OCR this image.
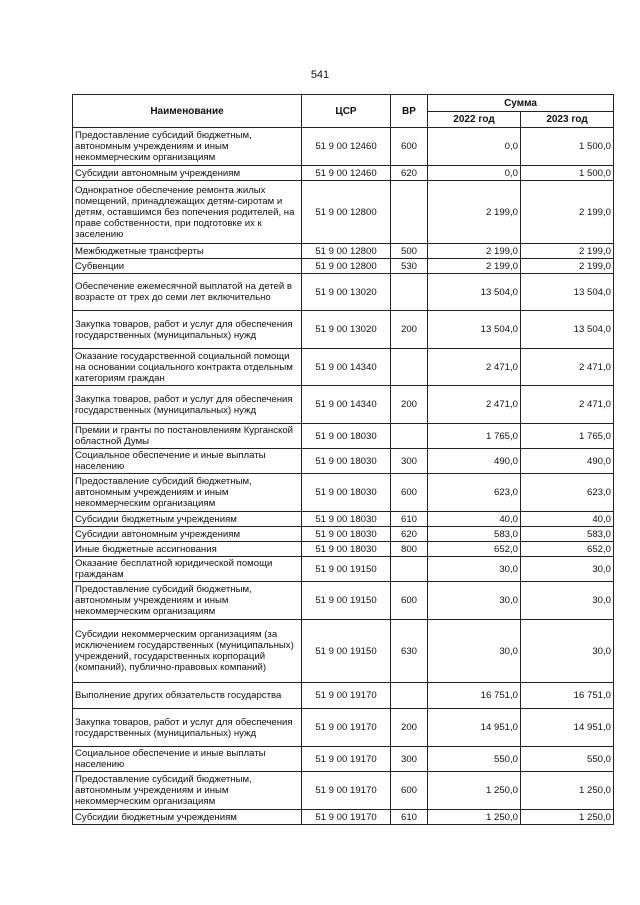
541
Наименование	ЦСР	ВР	Сумма	
			2022 год	2023 год
Предоставление субсидий бюджетным, автономным учреждениям и иным некоммерческим организациям	51 9 00 12460	600	0,0	1 500,0
Субсидии автономным учреждениям	51 9 00 12460	620	0,0	1 500,0
Однократное обеспечение ремонта жилых помещений, принадлежащих детям-сиротам и детям, оставшимся без попечения родителей, на праве собственности, при подготовке их к заселению	51 9 00 12800		2 199,0	2 199,0
Межбюджетные трансферты	51 9 00 12800	500	2 199,0	2 199,0
Субвенции	51 9 00 12800	530	2 199,0	2 199,0
Обеспечение ежемесячной выплатой на детей в возрасте от трех до семи лет включительно	51 9 00 13020		13 504,0	13 504,0
Закупка товаров, работ и услуг для обеспечения государственных (муниципальных) нужд	51 9 00 13020	200	13 504,0	13 504,0
Оказание государственной социальной помощи на основании социального контракта отдельным категориям граждан	51 9 00 14340		2 471,0	2 471,0
Закупка товаров, работ и услуг для обеспечения государственных (муниципальных) нужд	51 9 00 14340	200	2 471,0	2 471,0
Премии и гранты по постановлениям Курганской областной Думы	51 9 00 18030		1 765,0	1 765,0
Социальное обеспечение и иные выплаты населению	51 9 00 18030	300	490,0	490,0
Предоставление субсидий бюджетным, автономным учреждениям и иным некоммерческим организациям	51 9 00 18030	600	623,0	623,0
Субсидии бюджетным учреждениям	51 9 00 18030	610	40,0	40,0
Субсидии автономным учреждениям	51 9 00 18030	620	583,0	583,0
Иные бюджетные ассигнования	51 9 00 18030	800	652,0	652,0
Оказание бесплатной юридической помощи гражданам	51 9 00 19150		30,0	30,0
Предоставление субсидий бюджетным, автономным учреждениям и иным некоммерческим организациям	51 9 00 19150	600	30,0	30,0
Субсидии некоммерческим организациям (за исключением государственных (муниципальных) учреждений, государственных корпораций (компаний), публично-правовых компаний)	51 9 00 19150	630	30,0	30,0
Выполнение других обязательств государства	51 9 00 19170		16 751,0	16 751,0
Закупка товаров, работ и услуг для обеспечения государственных (муниципальных) нужд	51 9 00 19170	200	14 951,0	14 951,0
Социальное обеспечение и иные выплаты населению	51 9 00 19170	300	550,0	550,0
Предоставление субсидий бюджетным, автономным учреждениям и иным некоммерческим организациям	51 9 00 19170	600	1 250,0	1 250,0
Субсидии бюджетным учреждениям	51 9 00 19170	610	1 250,0	1 250,0
